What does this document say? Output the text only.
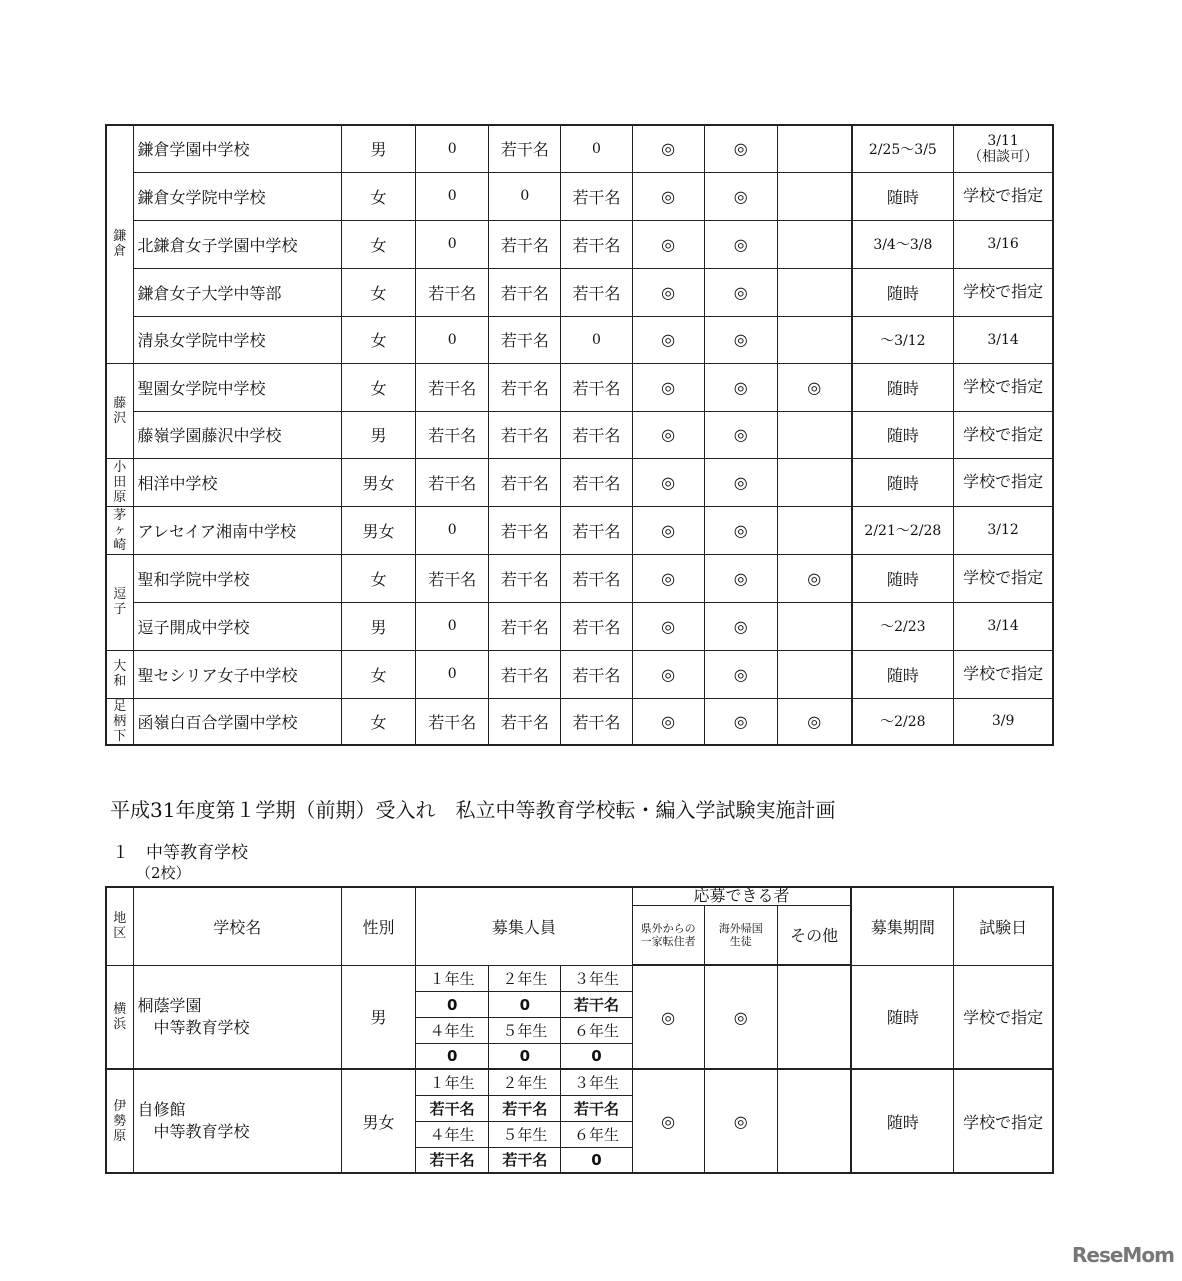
鎌倉	鎌倉学園中学校	男	0	若干名	0	◎	◎		2/25～3/5	3/11
（相談可）
	鎌倉女学院中学校	女	0	0	若干名	◎	◎		随時	学校で指定
	北鎌倉女子学園中学校	女	0	若干名	若干名	◎	◎		3/4～3/8	3/16
	鎌倉女子大学中等部	女	若干名	若干名	若干名	◎	◎		随時	学校で指定
	清泉女学院中学校	女	0	若干名	0	◎	◎		～3/12	3/14
藤沢	聖園女学院中学校	女	若干名	若干名	若干名	◎	◎	◎	随時	学校で指定
	藤嶺学園藤沢中学校	男	若干名	若干名	若干名	◎	◎		随時	学校で指定
小田原	相洋中学校	男女	若干名	若干名	若干名	◎	◎		随時	学校で指定
茅ヶ崎	アレセイア湘南中学校	男女	0	若干名	若干名	◎	◎		2/21～2/28	3/12
逗子	聖和学院中学校	女	若干名	若干名	若干名	◎	◎	◎	随時	学校で指定
	逗子開成中学校	男	0	若干名	若干名	◎	◎		～2/23	3/14
大和	聖セシリア女子中学校	女	0	若干名	若干名	◎	◎		随時	学校で指定
足柄下	函嶺白百合学園中学校	女	若干名	若干名	若干名	◎	◎	◎	～2/28	3/9
平成31年度第１学期（前期）受入れ　私立中等教育学校転・編入学試験実施計画
１　中等教育学校
（2校）
地区	学校名	性別	募集人員			応募できる者			募集期間	試験日
						県外からの一家転住者	海外帰国生徒	その他		
横浜	桐蔭学園
中等教育学校	男	１年生	２年生	３年生	◎	◎		随時	学校で指定
			0	0	若干名					
			４年生	５年生	６年生					
			0	0	0					
伊勢原	自修館
中等教育学校	男女	１年生	２年生	３年生	◎	◎		随時	学校で指定
			若干名	若干名	若干名					
			４年生	５年生	６年生					
			若干名	若干名	0					
ReseMom
